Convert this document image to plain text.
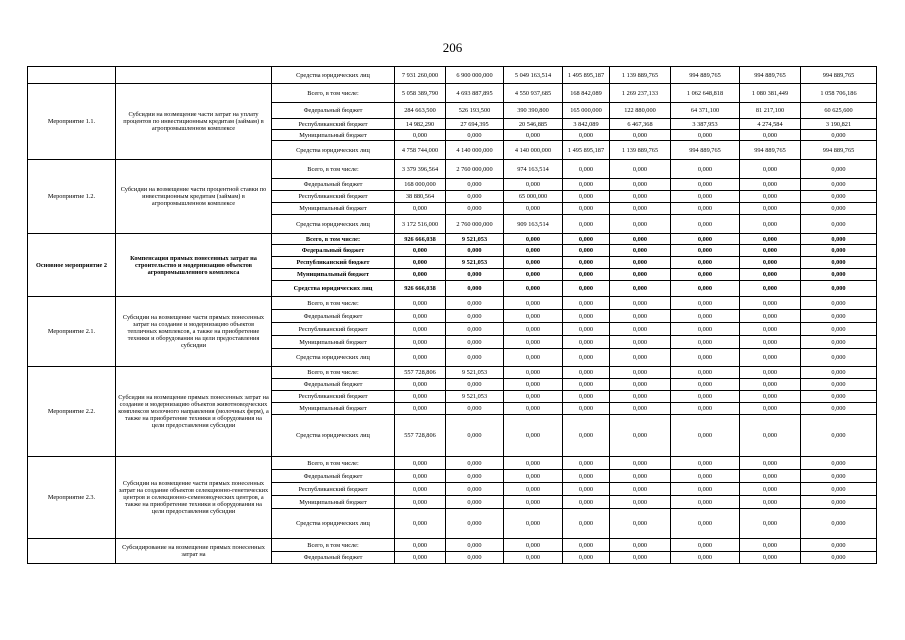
206
		Средства юридических лиц	7 931 260,000	6 900 000,000	5 049 163,514	1 495 895,187	1 139 889,765	994 889,765	994 889,765	994 889,765
Мероприятие 1.1.	Субсидии на возмещение части затрат на уплату процентов по инвестиционным кредитам (займам) в агропромышленном комплексе	Всего, в том числе:	5 058 389,790	4 693 887,895	4 550 937,685	168 842,089	1 269 237,133	1 062 648,818	1 080 381,449	1 058 706,186
		Федеральный бюджет	284 663,500	526 193,500	390 390,800	165 000,000	122 880,000	64 371,100	81 217,100	60 625,600
		Республиканский бюджет	14 982,290	27 694,395	20 546,885	3 842,089	6 467,368	3 387,953	4 274,584	3 190,821
		Муниципальный бюджет	0,000	0,000	0,000	0,000	0,000	0,000	0,000	0,000
		Средства юридических лиц	4 758 744,000	4 140 000,000	4 140 000,000	1 495 895,187	1 139 889,765	994 889,765	994 889,765	994 889,765
Мероприятие 1.2.	Субсидии на возмещение части процентной ставки по инвестиционным кредитам (займам) в агропромышленном комплексе	Всего, в том числе:	3 379 396,564	2 760 000,000	974 163,514	0,000	0,000	0,000	0,000	0,000
		Федеральный бюджет	168 000,000	0,000	0,000	0,000	0,000	0,000	0,000	0,000
		Республиканский бюджет	38 880,564	0,000	65 000,000	0,000	0,000	0,000	0,000	0,000
		Муниципальный бюджет	0,000	0,000	0,000	0,000	0,000	0,000	0,000	0,000
		Средства юридических лиц	3 172 516,000	2 760 000,000	909 163,514	0,000	0,000	0,000	0,000	0,000
Основное мероприятие 2	Компенсация прямых понесенных затрат на строительство и модернизацию объектов агропромышленного комплекса	Всего, в том числе:	926 666,038	9 521,053	0,000	0,000	0,000	0,000	0,000	0,000
		Федеральный бюджет	0,000	0,000	0,000	0,000	0,000	0,000	0,000	0,000
		Республиканский бюджет	0,000	9 521,053	0,000	0,000	0,000	0,000	0,000	0,000
		Муниципальный бюджет	0,000	0,000	0,000	0,000	0,000	0,000	0,000	0,000
		Средства юридических лиц	926 666,038	0,000	0,000	0,000	0,000	0,000	0,000	0,000
Мероприятие 2.1.	Субсидии на возмещение части прямых понесенных затрат на создание и модернизацию объектов тепличных комплексов, а также на приобретение техники и оборудования на цели предоставления субсидии	Всего, в том числе:	0,000	0,000	0,000	0,000	0,000	0,000	0,000	0,000
		Федеральный бюджет	0,000	0,000	0,000	0,000	0,000	0,000	0,000	0,000
		Республиканский бюджет	0,000	0,000	0,000	0,000	0,000	0,000	0,000	0,000
		Муниципальный бюджет	0,000	0,000	0,000	0,000	0,000	0,000	0,000	0,000
		Средства юридических лиц	0,000	0,000	0,000	0,000	0,000	0,000	0,000	0,000
Мероприятие 2.2.	Субсидии на возмещение прямых понесенных затрат на создание и модернизацию объектов животноводческих комплексов молочного направления (молочных ферм), а также на приобретение техники и оборудования на цели предоставления субсидии	Всего, в том числе:	557 728,806	9 521,053	0,000	0,000	0,000	0,000	0,000	0,000
		Федеральный бюджет	0,000	0,000	0,000	0,000	0,000	0,000	0,000	0,000
		Республиканский бюджет	0,000	9 521,053	0,000	0,000	0,000	0,000	0,000	0,000
		Муниципальный бюджет	0,000	0,000	0,000	0,000	0,000	0,000	0,000	0,000
		Средства юридических лиц	557 728,806	0,000	0,000	0,000	0,000	0,000	0,000	0,000
Мероприятие 2.3.	Субсидии на возмещение части прямых понесенных затрат на создание объектов селекционно-генетических центров и селекционно-семеноводческих центров, а также на приобретение техники и оборудования на цели предоставления субсидии	Всего, в том числе:	0,000	0,000	0,000	0,000	0,000	0,000	0,000	0,000
		Федеральный бюджет	0,000	0,000	0,000	0,000	0,000	0,000	0,000	0,000
		Республиканский бюджет	0,000	0,000	0,000	0,000	0,000	0,000	0,000	0,000
		Муниципальный бюджет	0,000	0,000	0,000	0,000	0,000	0,000	0,000	0,000
		Средства юридических лиц	0,000	0,000	0,000	0,000	0,000	0,000	0,000	0,000
	Субсидирование на возмещение прямых понесенных затрат на	Всего, в том числе:	0,000	0,000	0,000	0,000	0,000	0,000	0,000	0,000
		Федеральный бюджет	0,000	0,000	0,000	0,000	0,000	0,000	0,000	0,000
